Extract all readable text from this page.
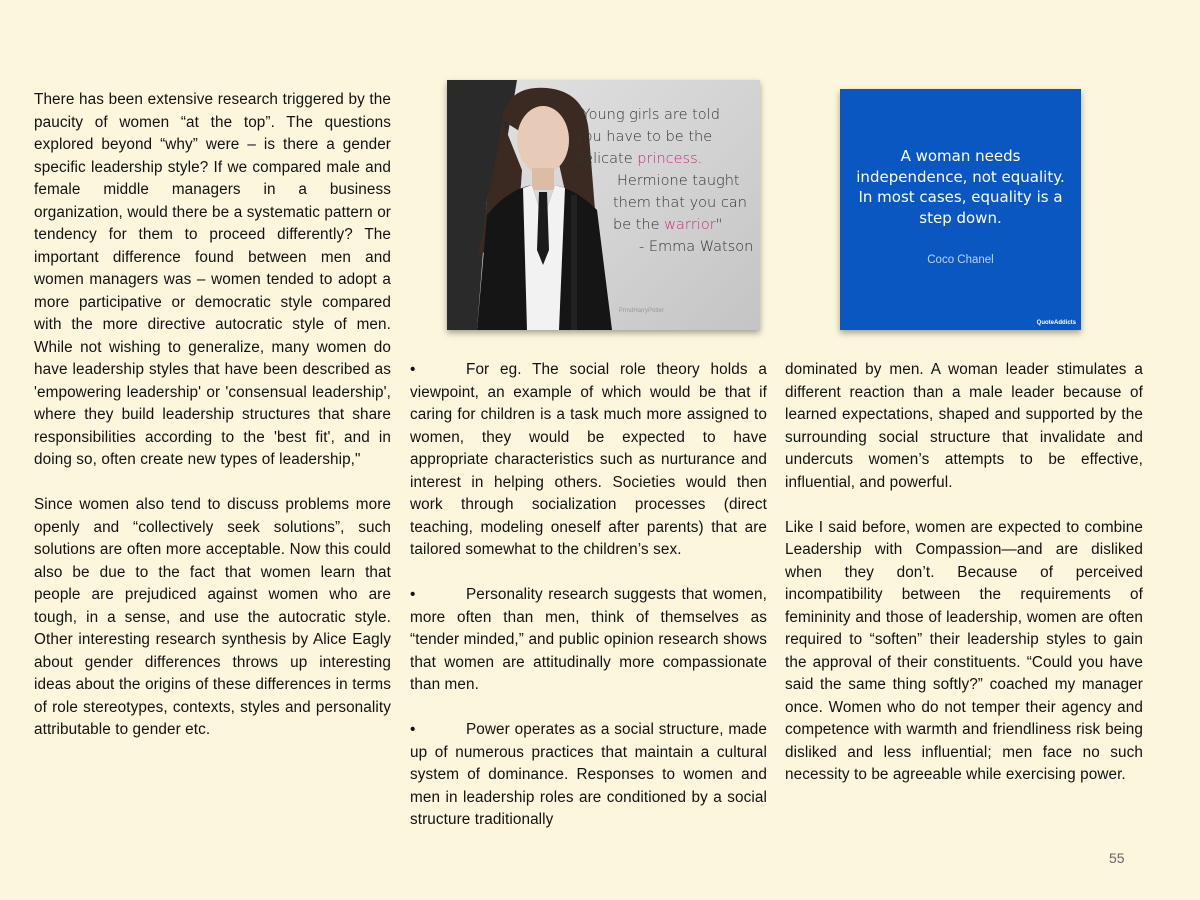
There has been extensive research triggered by the paucity of women “at the top”. The questions explored beyond “why” were – is there a gender specific leadership style? If we compared male and female middle managers in a business organization, would there be a systematic pattern or tendency for them to proceed differently? The important difference found between men and women managers was – women tended to adopt a more participative or democratic style compared with the more directive autocratic style of men. While not wishing to generalize, many women do have leadership styles that have been described as 'empowering leadership' or 'consensual leadership', where they build leadership structures that share responsibilities according to the 'best fit', and in doing so, often create new types of leadership,"

Since women also tend to discuss problems more openly and “collectively seek solutions”, such solutions are often more acceptable. Now this could also be due to the fact that women learn that people are prejudiced against women who are tough, in a sense, and use the autocratic style. Other interesting research synthesis by Alice Eagly about gender differences throws up interesting ideas about the origins of these differences in terms of role stereotypes, contexts, styles and personality attributable to gender etc.

"Young girls are told
you have to be the
delicate princess.
Hermione taught
them that you can
be the warrior"
- Emma Watson
PrmdHarryPotter
A woman needs independence, not equality. In most cases, equality is a step down.
Coco Chanel
QuoteAddicts

•	For eg. The social role theory holds a viewpoint, an example of which would be that if caring for children is a task much more assigned to women, they would be expected to have appropriate characteristics such as nurturance and interest in helping others. Societies would then work through socialization processes (direct teaching, modeling oneself after parents) that are tailored somewhat to the children’s sex.

•	Personality research suggests that women, more often than men, think of themselves as “tender minded,” and public opinion research shows that women are attitudinally more compassionate than men.

•	Power operates as a social structure, made up of numerous practices that maintain a cultural system of dominance. Responses to women and men in leadership roles are conditioned by a social structure traditionally

dominated by men. A woman leader stimulates a different reaction than a male leader because of learned expectations, shaped and supported by the surrounding social structure that invalidate and undercuts women’s attempts to be effective, influential, and powerful.

Like I said before, women are expected to combine Leadership with Compassion—and are disliked when they don’t. Because of perceived incompatibility between the requirements of femininity and those of leadership, women are often required to “soften” their leadership styles to gain the approval of their constituents. “Could you have said the same thing softly?” coached my manager once. Women who do not temper their agency and competence with warmth and friendliness risk being disliked and less influential; men face no such necessity to be agreeable while exercising power.

55
